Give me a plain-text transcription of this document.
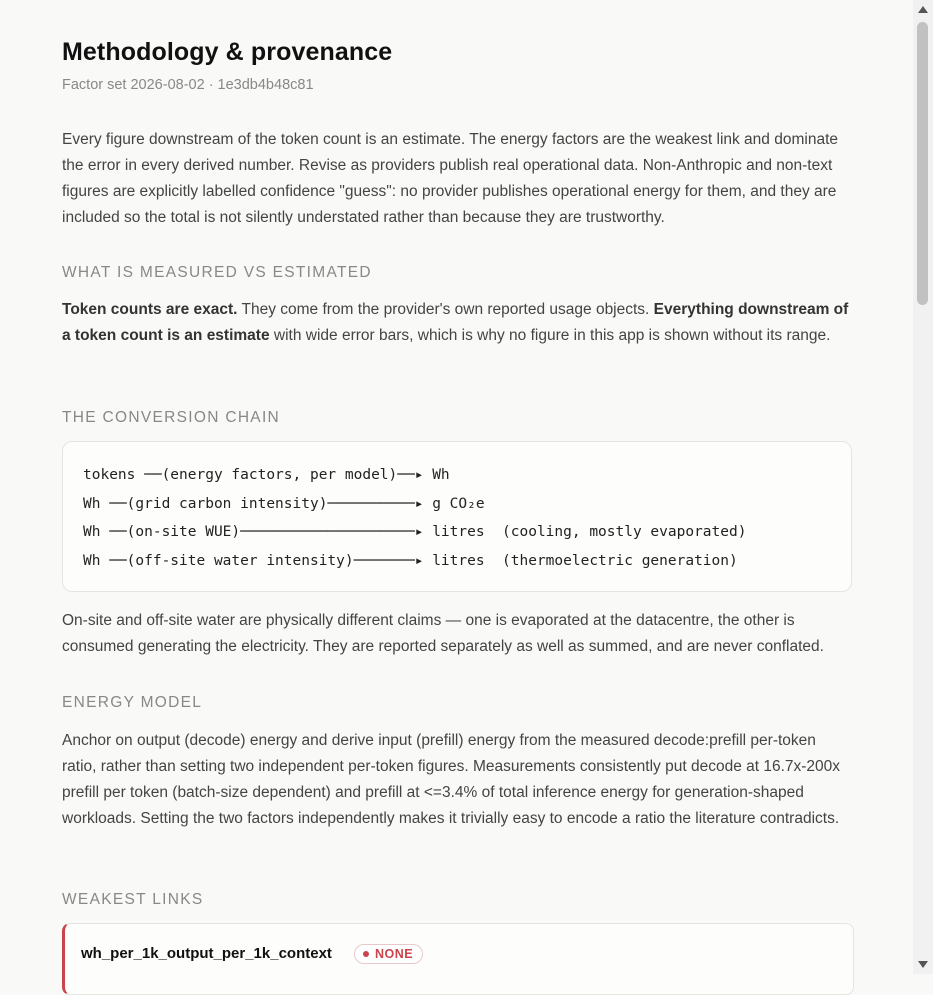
Methodology & provenance
Factor set 2026-08-02 · 1e3db4b48c81

Every figure downstream of the token count is an estimate. The energy factors are the weakest link and dominate the error in every derived number. Revise as providers publish real operational data. Non-Anthropic and non-text figures are explicitly labelled confidence "guess": no provider publishes operational energy for them, and they are included so the total is not silently understated rather than because they are trustworthy.

WHAT IS MEASURED VS ESTIMATED

Token counts are exact. They come from the provider's own reported usage objects. Everything downstream of a token count is an estimate with wide error bars, which is why no figure in this app is shown without its range.

THE CONVERSION CHAIN
tokens ──(energy factors, per model)──▸ Wh
Wh ──(grid carbon intensity)──────────▸ g CO₂e
Wh ──(on-site WUE)────────────────────▸ litres  (cooling, mostly evaporated)
Wh ──(off-site water intensity)───────▸ litres  (thermoelectric generation)

On-site and off-site water are physically different claims — one is evaporated at the datacentre, the other is consumed generating the electricity. They are reported separately as well as summed, and are never conflated.

ENERGY MODEL

Anchor on output (decode) energy and derive input (prefill) energy from the measured decode:prefill per-token ratio, rather than setting two independent per-token figures. Measurements consistently put decode at 16.7x-200x prefill per token (batch-size dependent) and prefill at <=3.4% of total inference energy for generation-shaped workloads. Setting the two factors independently makes it trivially easy to encode a ratio the literature contradicts.

WEAKEST LINKS
wh_per_1k_output_per_1k_context	NONE
